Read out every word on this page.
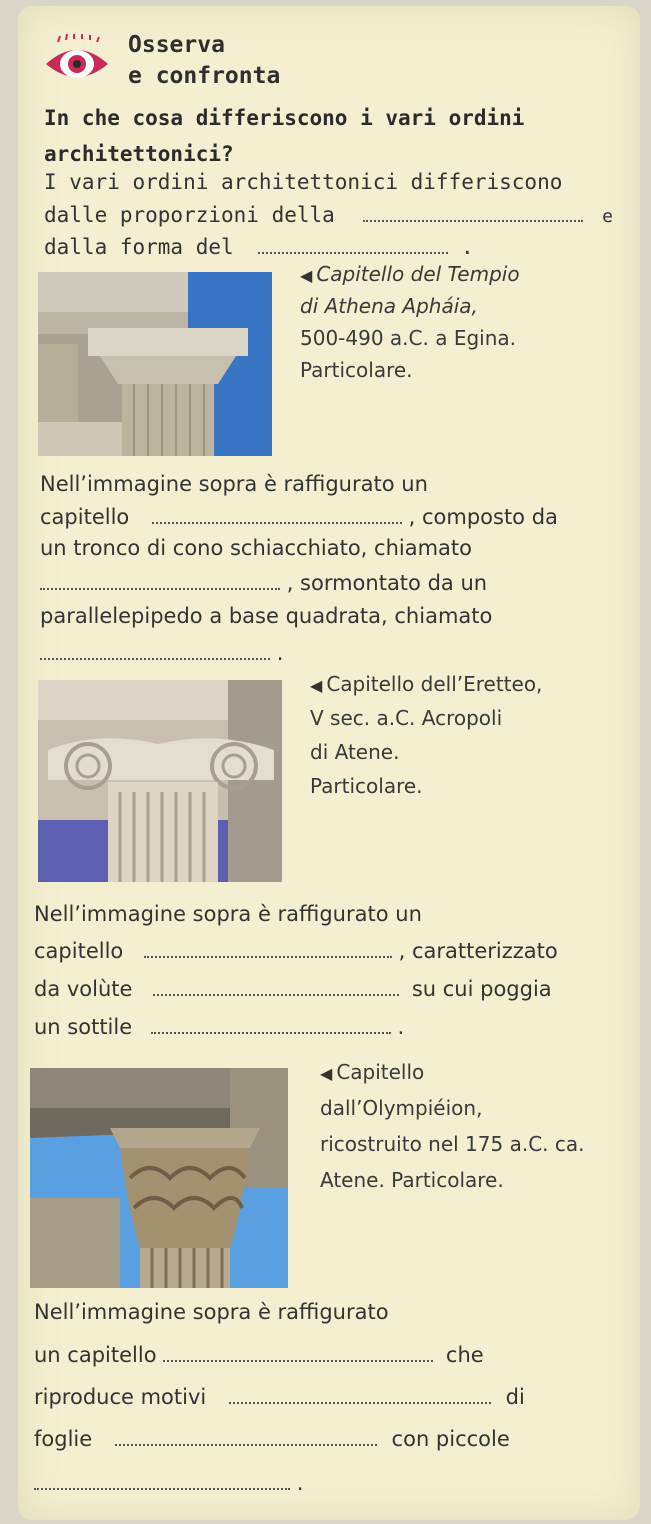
Osserva
e confronta
In che cosa differiscono i vari ordini
architettonici?
I vari ordini architettonici differiscono
dalle proporzioni della	e
dalla forma del	.
◀ Capitello del Tempio
di Athena Apháia,
500-490 a.C. a Egina.
Particolare.
Nell’immagine sopra è raffigurato un
capitello	, composto da
un tronco di cono schiacchiato, chiamato
, sormontato da un
parallelepipedo a base quadrata, chiamato
.
◀ Capitello dell’Eretteo,
V sec. a.C. Acropoli
di Atene.
Particolare.
Nell’immagine sopra è raffigurato un
capitello	, caratterizzato
da volùte	su cui poggia
un sottile	.
◀ Capitello
dall’Olympiéion,
ricostruito nel 175 a.C. ca.
Atene. Particolare.
Nell’immagine sopra è raffigurato
un capitello	che
riproduce motivi	di
foglie	con piccole
.
